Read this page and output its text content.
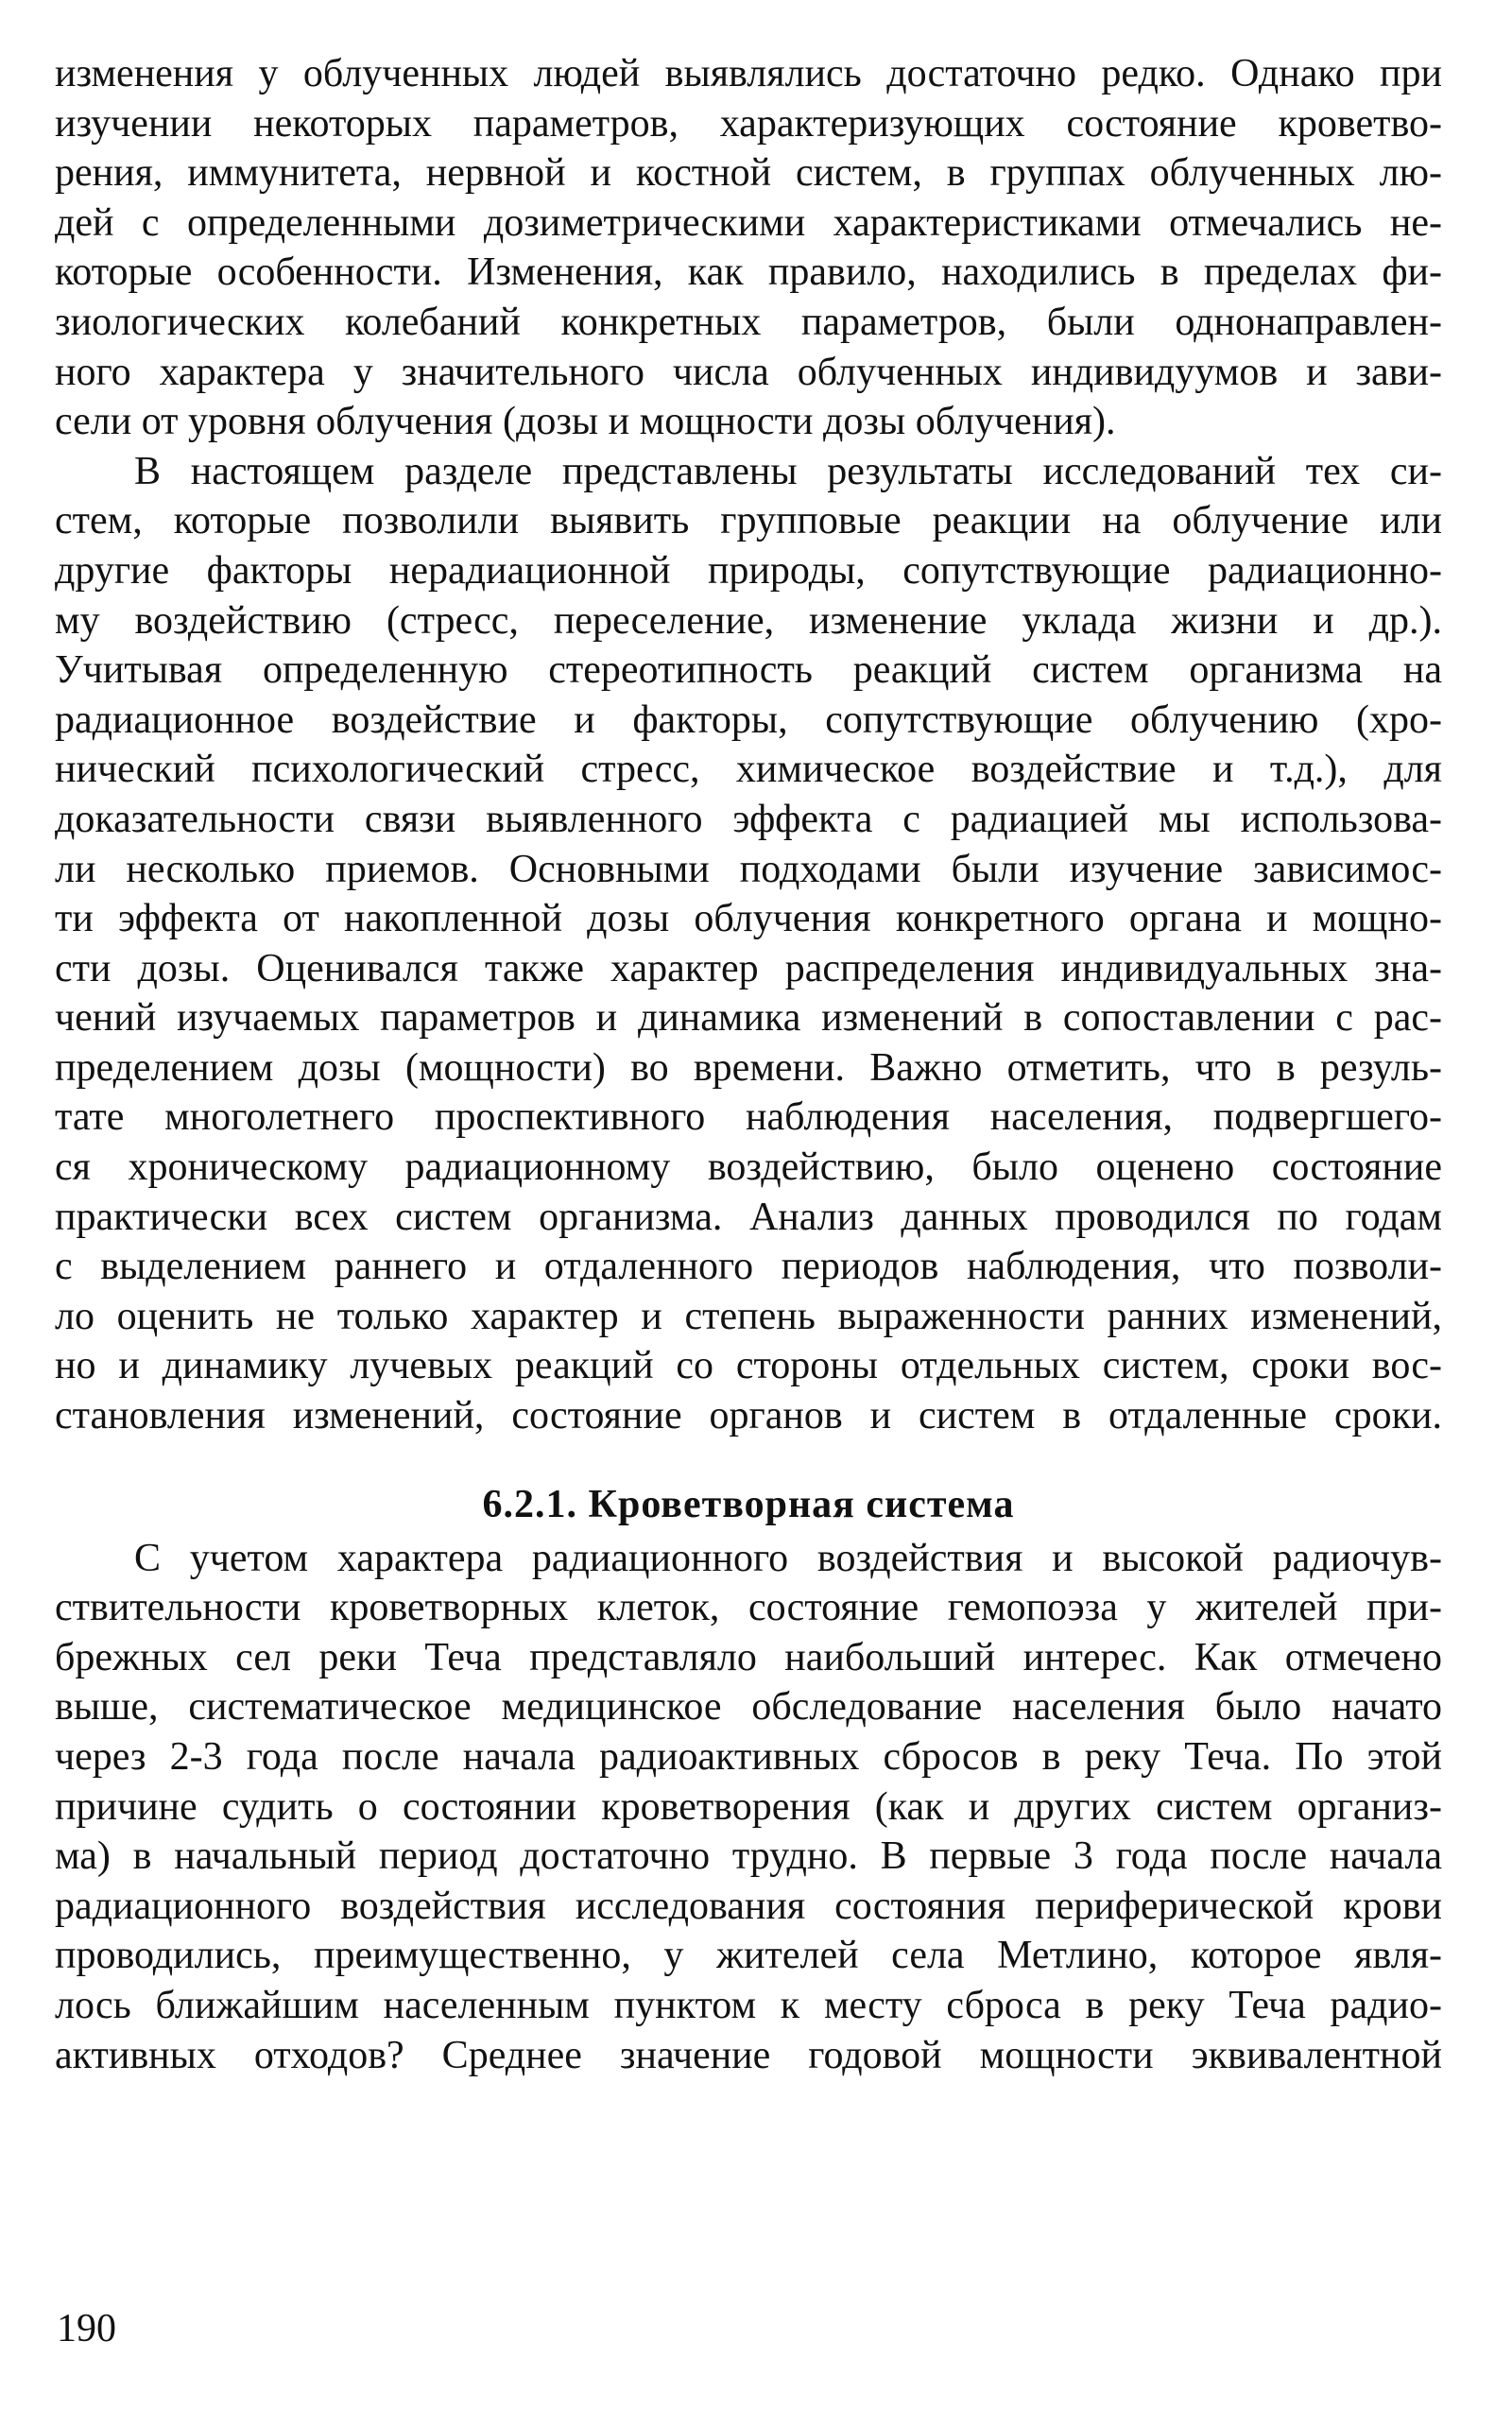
изменения у облученных людей выявлялись достаточно редко. Однако при
изучении некоторых параметров, характеризующих состояние кроветво-
рения, иммунитета, нервной и костной систем, в группах облученных лю-
дей с определенными дозиметрическими характеристиками отмечались не-
которые особенности. Изменения, как правило, находились в пределах фи-
зиологических колебаний конкретных параметров, были однонаправлен-
ного характера у значительного числа облученных индивидуумов и зави-
сели от уровня облучения (дозы и мощности дозы облучения).
В настоящем разделе представлены результаты исследований тех си-
стем, которые позволили выявить групповые реакции на облучение или
другие факторы нерадиационной природы, сопутствующие радиационно-
му воздействию (стресс, переселение, изменение уклада жизни и др.).
Учитывая определенную стереотипность реакций систем организма на
радиационное воздействие и факторы, сопутствующие облучению (хро-
нический психологический стресс, химическое воздействие и т.д.), для
доказательности связи выявленного эффекта с радиацией мы использова-
ли несколько приемов. Основными подходами были изучение зависимос-
ти эффекта от накопленной дозы облучения конкретного органа и мощно-
сти дозы. Оценивался также характер распределения индивидуальных зна-
чений изучаемых параметров и динамика изменений в сопоставлении с рас-
пределением дозы (мощности) во времени. Важно отметить, что в резуль-
тате многолетнего проспективного наблюдения населения, подвергшего-
ся хроническому радиационному воздействию, было оценено состояние
практически всех систем организма. Анализ данных проводился по годам
с выделением раннего и отдаленного периодов наблюдения, что позволи-
ло оценить не только характер и степень выраженности ранних изменений,
но и динамику лучевых реакций со стороны отдельных систем, сроки вос-
становления изменений, состояние органов и систем в отдаленные сроки.
6.2.1. Кроветворная система
С учетом характера радиационного воздействия и высокой радиочув-
ствительности кроветворных клеток, состояние гемопоэза у жителей при-
брежных сел реки Теча представляло наибольший интерес. Как отмечено
выше, систематическое медицинское обследование населения было начато
через 2-3 года после начала радиоактивных сбросов в реку Теча. По этой
причине судить о состоянии кроветворения (как и других систем организ-
ма) в начальный период достаточно трудно. В первые 3 года после начала
радиационного воздействия исследования состояния периферической крови
проводились, преимущественно, у жителей села Метлино, которое явля-
лось ближайшим населенным пунктом к месту сброса в реку Теча радио-
активных отходов? Среднее значение годовой мощности эквивалентной
190
